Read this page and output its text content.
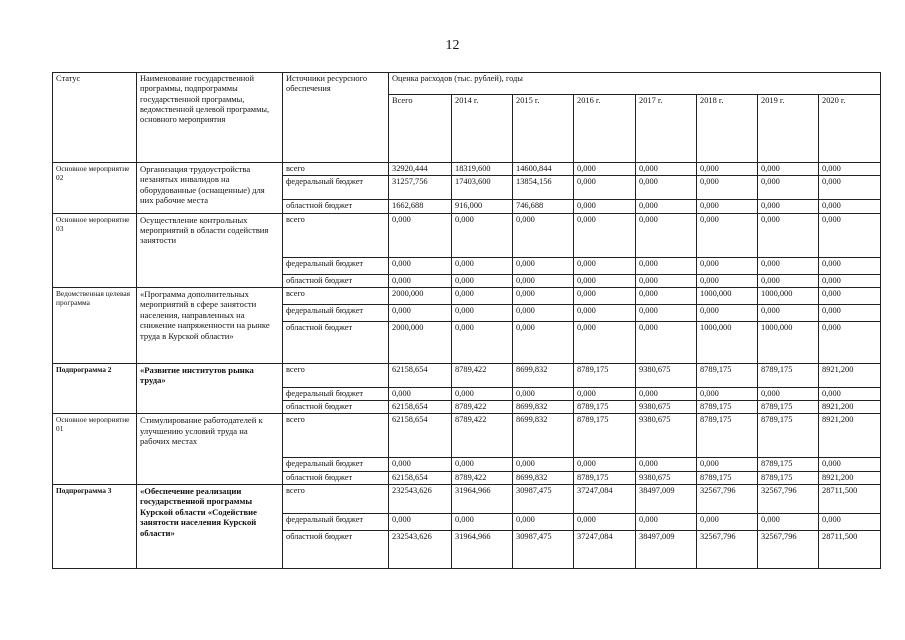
12
Статус	Наименование государственной программы, подпрограммы государственной программы, ведомственной целевой программы, основного мероприятия	Источники ресурсного обеспечения	Оценка расходов (тыс. рублей), годы							
			Всего	2014 г.	2015 г.	2016 г.	2017 г.	2018 г.	2019 г.	2020 г.
Основное мероприятие 02	Организация трудоустройства незанятых инвалидов на оборудованные (оснащенные) для них рабочие места	всего	32920,444	18319,600	14600,844	0,000	0,000	0,000	0,000	0,000
		федеральный бюджет	31257,756	17403,600	13854,156	0,000	0,000	0,000	0,000	0,000
		областной бюджет	1662,688	916,000	746,688	0,000	0,000	0,000	0,000	0,000
Основное мероприятие 03	Осуществление контрольных мероприятий в области содействия занятости	всего	0,000	0,000	0,000	0,000	0,000	0,000	0,000	0,000
		федеральный бюджет	0,000	0,000	0,000	0,000	0,000	0,000	0,000	0,000
		областной бюджет	0,000	0,000	0,000	0,000	0,000	0,000	0,000	0,000
Ведомственная целевая программа	«Программа дополнительных мероприятий в сфере занятости населения, направленных на снижение напряженности на рынке труда в Курской области»	всего	2000,000	0,000	0,000	0,000	0,000	1000,000	1000,000	0,000
		федеральный бюджет	0,000	0,000	0,000	0,000	0,000	0,000	0,000	0,000
		областной бюджет	2000,000	0,000	0,000	0,000	0,000	1000,000	1000,000	0,000
Подпрограмма 2	«Развитие институтов рынка труда»	всего	62158,654	8789,422	8699,832	8789,175	9380,675	8789,175	8789,175	8921,200
		федеральный бюджет	0,000	0,000	0,000	0,000	0,000	0,000	0,000	0,000
		областной бюджет	62158,654	8789,422	8699,832	8789,175	9380,675	8789,175	8789,175	8921,200
Основное мероприятие 01	Стимулирование работодателей к улучшению условий труда на рабочих местах	всего	62158,654	8789,422	8699,832	8789,175	9380,675	8789,175	8789,175	8921,200
		федеральный бюджет	0,000	0,000	0,000	0,000	0,000	0,000	8789,175	0,000
		областной бюджет	62158,654	8789,422	8699,832	8789,175	9380,675	8789,175	8789,175	8921,200
Подпрограмма 3	«Обеспечение реализации государственной программы Курской области «Содействие занятости населения Курской области»	всего	232543,626	31964,966	30987,475	37247,084	38497,009	32567,796	32567,796	28711,500
		федеральный бюджет	0,000	0,000	0,000	0,000	0,000	0,000	0,000	0,000
		областной бюджет	232543,626	31964,966	30987,475	37247,084	38497,009	32567,796	32567,796	28711,500
